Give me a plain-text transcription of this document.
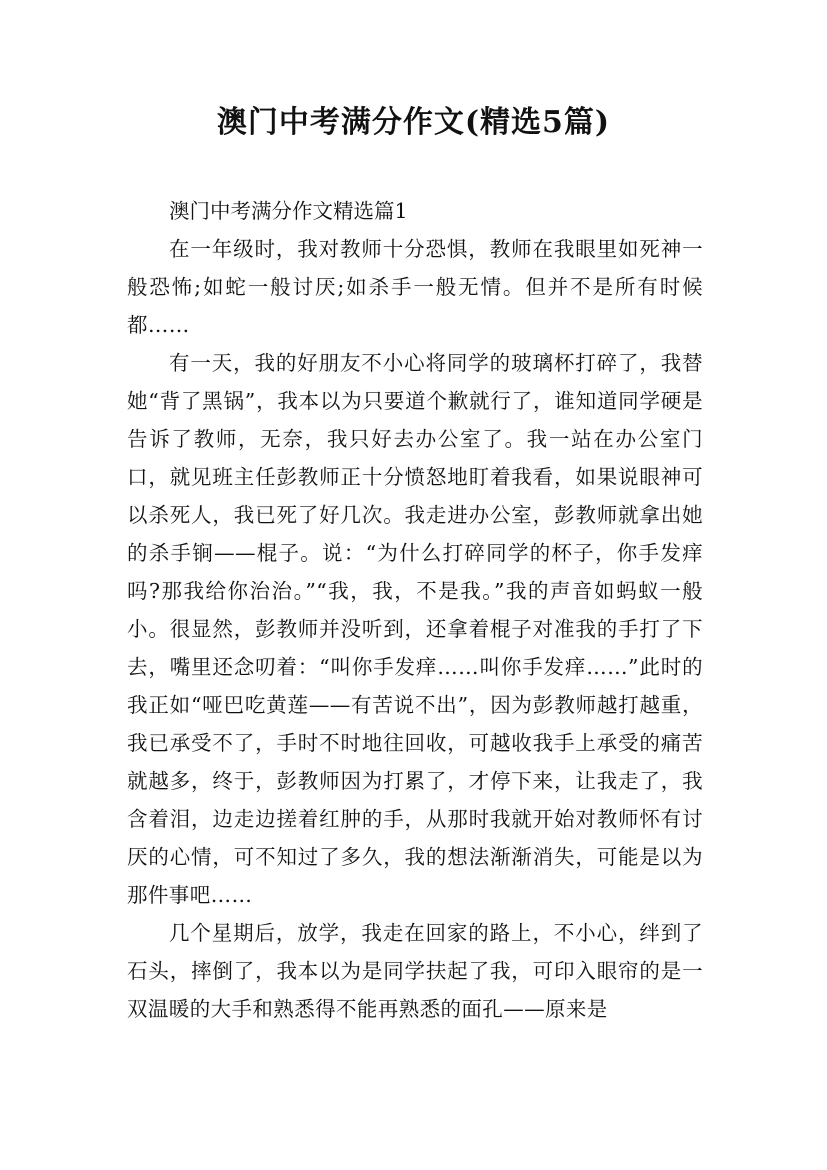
澳门中考满分作文(精选5篇)

澳门中考满分作文精选篇1

在一年级时，我对教师十分恐惧，教师在我眼里如死神一般恐怖;如蛇一般讨厌;如杀手一般无情。但并不是所有时候都……

有一天，我的好朋友不小心将同学的玻璃杯打碎了，我替她“背了黑锅”，我本以为只要道个歉就行了，谁知道同学硬是告诉了教师，无奈，我只好去办公室了。我一站在办公室门口，就见班主任彭教师正十分愤怒地盯着我看，如果说眼神可以杀死人，我已死了好几次。我走进办公室，彭教师就拿出她的杀手锏——棍子。说：“为什么打碎同学的杯子，你手发痒吗?那我给你治治。”“我，我，不是我。”我的声音如蚂蚁一般小。很显然，彭教师并没听到，还拿着棍子对准我的手打了下去，嘴里还念叨着：“叫你手发痒……叫你手发痒……”此时的我正如“哑巴吃黄莲——有苦说不出”，因为彭教师越打越重，我已承受不了，手时不时地往回收，可越收我手上承受的痛苦就越多，终于，彭教师因为打累了，才停下来，让我走了，我含着泪，边走边搓着红肿的手，从那时我就开始对教师怀有讨厌的心情，可不知过了多久，我的想法渐渐消失，可能是以为那件事吧……

几个星期后，放学，我走在回家的路上，不小心，绊到了石头，摔倒了，我本以为是同学扶起了我，可印入眼帘的是一双温暖的大手和熟悉得不能再熟悉的面孔——原来是
